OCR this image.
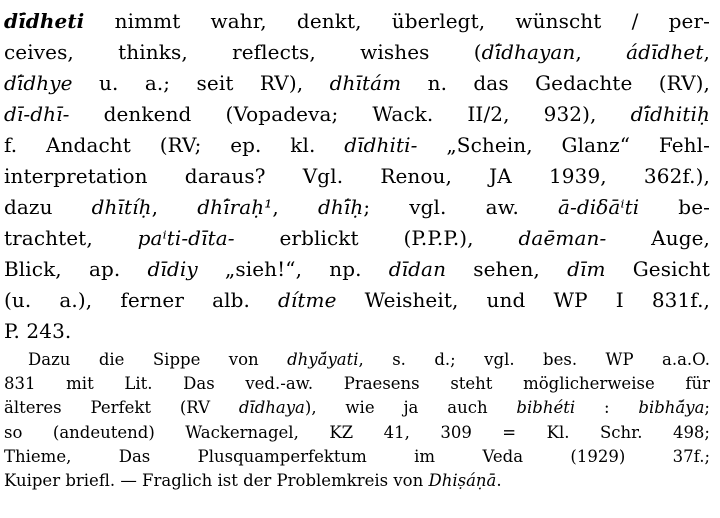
dī́dheti nimmt wahr, denkt, überlegt, wünscht / per-
ceives, thinks, reflects, wishes (dī́dhayan, ádīdhet,
dī́dhye u. a.; seit RV), dhītám n. das Gedachte (RV),
dī-dhī- denkend (Vopadeva; Wack. II/2, 932), dī́dhitiḥ
f. Andacht (RV; ep. kl. dīdhiti- „Schein, Glanz“ Fehl-
interpretation daraus? Vgl. Renou, JA 1939, 362f.),
dazu dhītíḥ, dhī́raḥ¹, dhī́ḥ; vgl. aw. ā-diδāⁱti be-
trachtet, paⁱti-dīta- erblickt (P.P.P.), daēman- Auge,
Blick, ap. dīdiy „sieh!“, np. dīdan sehen, dīm Gesicht
(u. a.), ferner alb. dítme Weisheit, und WP I 831f.,
P. 243.
Dazu die Sippe von dhyā́yati, s. d.; vgl. bes. WP a.a.O.
831 mit Lit. Das ved.-aw. Praesens steht möglicherweise für
älteres Perfekt (RV dīdhaya), wie ja auch bibhéti : bibhā́ya;
so (andeutend) Wackernagel, KZ 41, 309 = Kl. Schr. 498;
Thieme, Das Plusquamperfektum im Veda (1929) 37f.;
Kuiper briefl. — Fraglich ist der Problemkreis von Dhiṣáṇā.
